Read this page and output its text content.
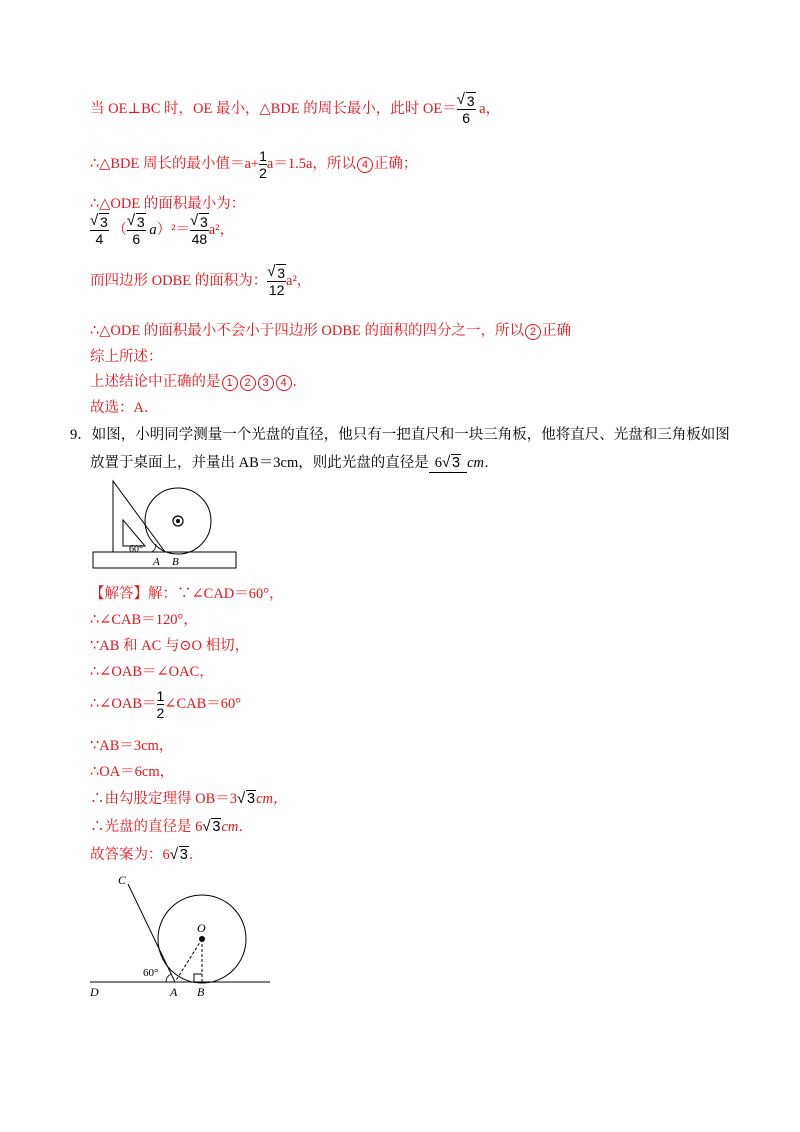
当 OE⊥BC 时，OE 最小，△BDE 的周长最小，此时 $OE= \frac{√ 3}{6}$ a，
∴△BDE 周长的最小值$=a+ \frac{1}{2} a=1.5a$，所以 4 正确；
∴△ODE 的面积最小为：
$\frac{√ 3}{4}$ （ $\frac{√ 3}{6} a)^2= \frac{√ 3}{48} a^2$，
而四边形 ODBE 的面积为： $\frac{√ 3}{12} a^2$，
∴△ODE 的面积最小不会小于四边形 ODBE 的面积的四分之一，所以 2 正确
综上所述：
上述结论中正确的是 1 2 3 4 ．
故选：A．
9．如图，小明同学测量一个光盘的直径，他只有一把直尺和一块三角板，他将直尺、光盘和三角板如图
放置于桌面上，并量出 AB＝3cm，则此光盘的直径是 6 √ 3 cm．
60°
A B
【解答】解：∵∠CAD＝60°，
∴∠CAB＝120°，
∵AB 和 AC 与⊙O 相切，
∴∠OAB＝∠OAC，
∴∠OAB＝ $\frac{1}{2}$ ∠CAB＝60°
∵AB＝3cm，
∴OA＝6cm，
∴由勾股定理得 OB＝3 √ 3cm，
∴光盘的直径是 6 √ 3cm．
故答案为：6 √ 3．
C
O
60°
D	A B
